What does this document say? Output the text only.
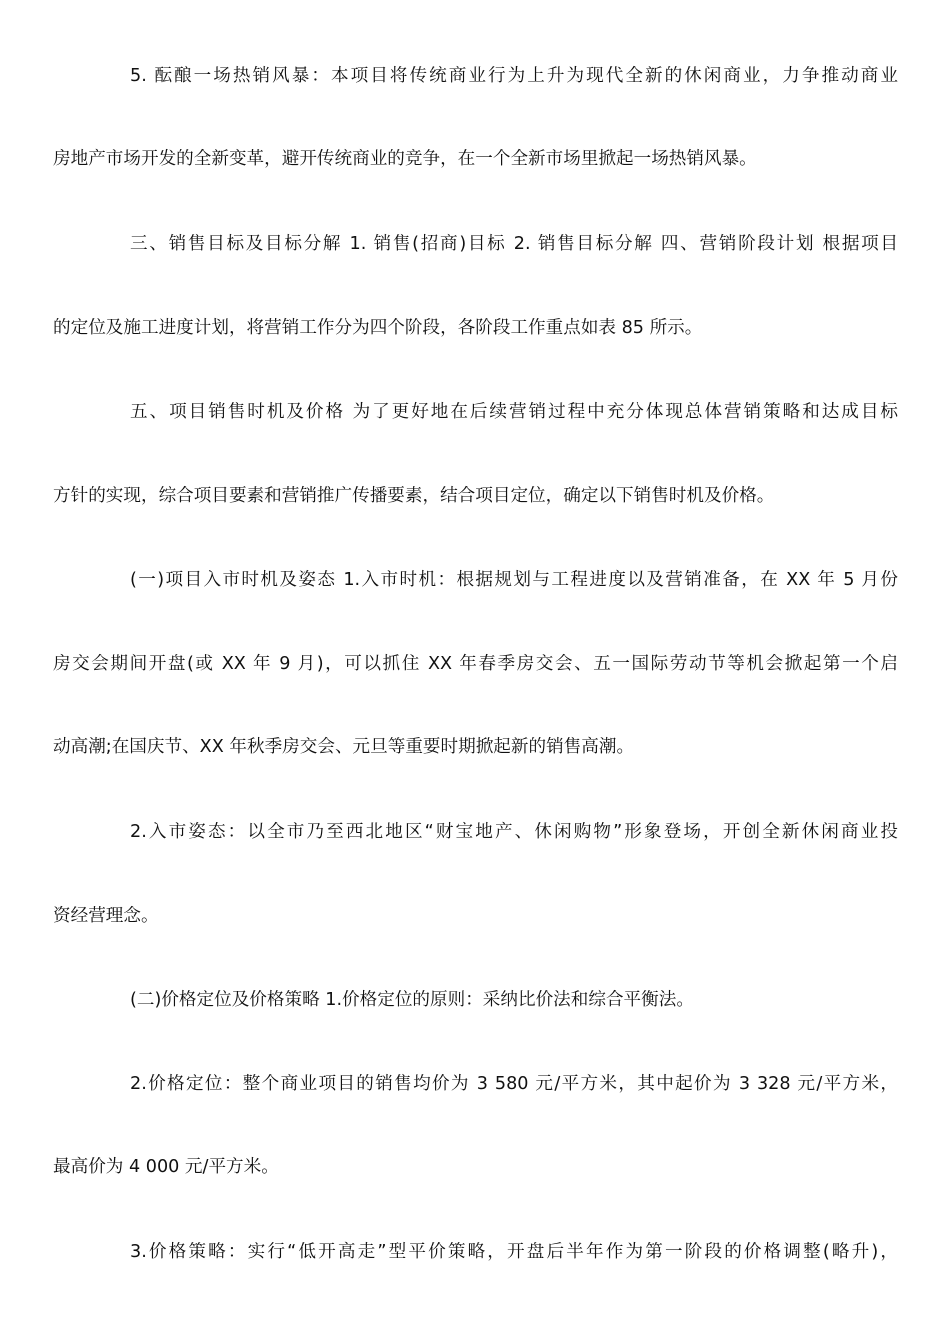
5. 酝酿一场热销风暴：本项目将传统商业行为上升为现代全新的休闲商业，力争推动商业
房地产市场开发的全新变革，避开传统商业的竞争，在一个全新市场里掀起一场热销风暴。
三、销售目标及目标分解 1. 销售(招商)目标 2. 销售目标分解 四、营销阶段计划 根据项目
的定位及施工进度计划，将营销工作分为四个阶段，各阶段工作重点如表 85 所示。
五、项目销售时机及价格 为了更好地在后续营销过程中充分体现总体营销策略和达成目标
方针的实现，综合项目要素和营销推广传播要素，结合项目定位，确定以下销售时机及价格。
(一)项目入市时机及姿态 1.入市时机：根据规划与工程进度以及营销准备，在 XX 年 5 月份
房交会期间开盘(或 XX 年 9 月)，可以抓住 XX 年春季房交会、五一国际劳动节等机会掀起第一个启
动高潮;在国庆节、XX 年秋季房交会、元旦等重要时期掀起新的销售高潮。
2.入市姿态：以全市乃至西北地区“财宝地产、休闲购物”形象登场，开创全新休闲商业投
资经营理念。
(二)价格定位及价格策略 1.价格定位的原则：采纳比价法和综合平衡法。
2.价格定位：整个商业项目的销售均价为 3 580 元/平方米，其中起价为 3 328 元/平方米，
最高价为 4 000 元/平方米。
3.价格策略：实行“低开高走”型平价策略，开盘后半年作为第一阶段的价格调整(略升)，
